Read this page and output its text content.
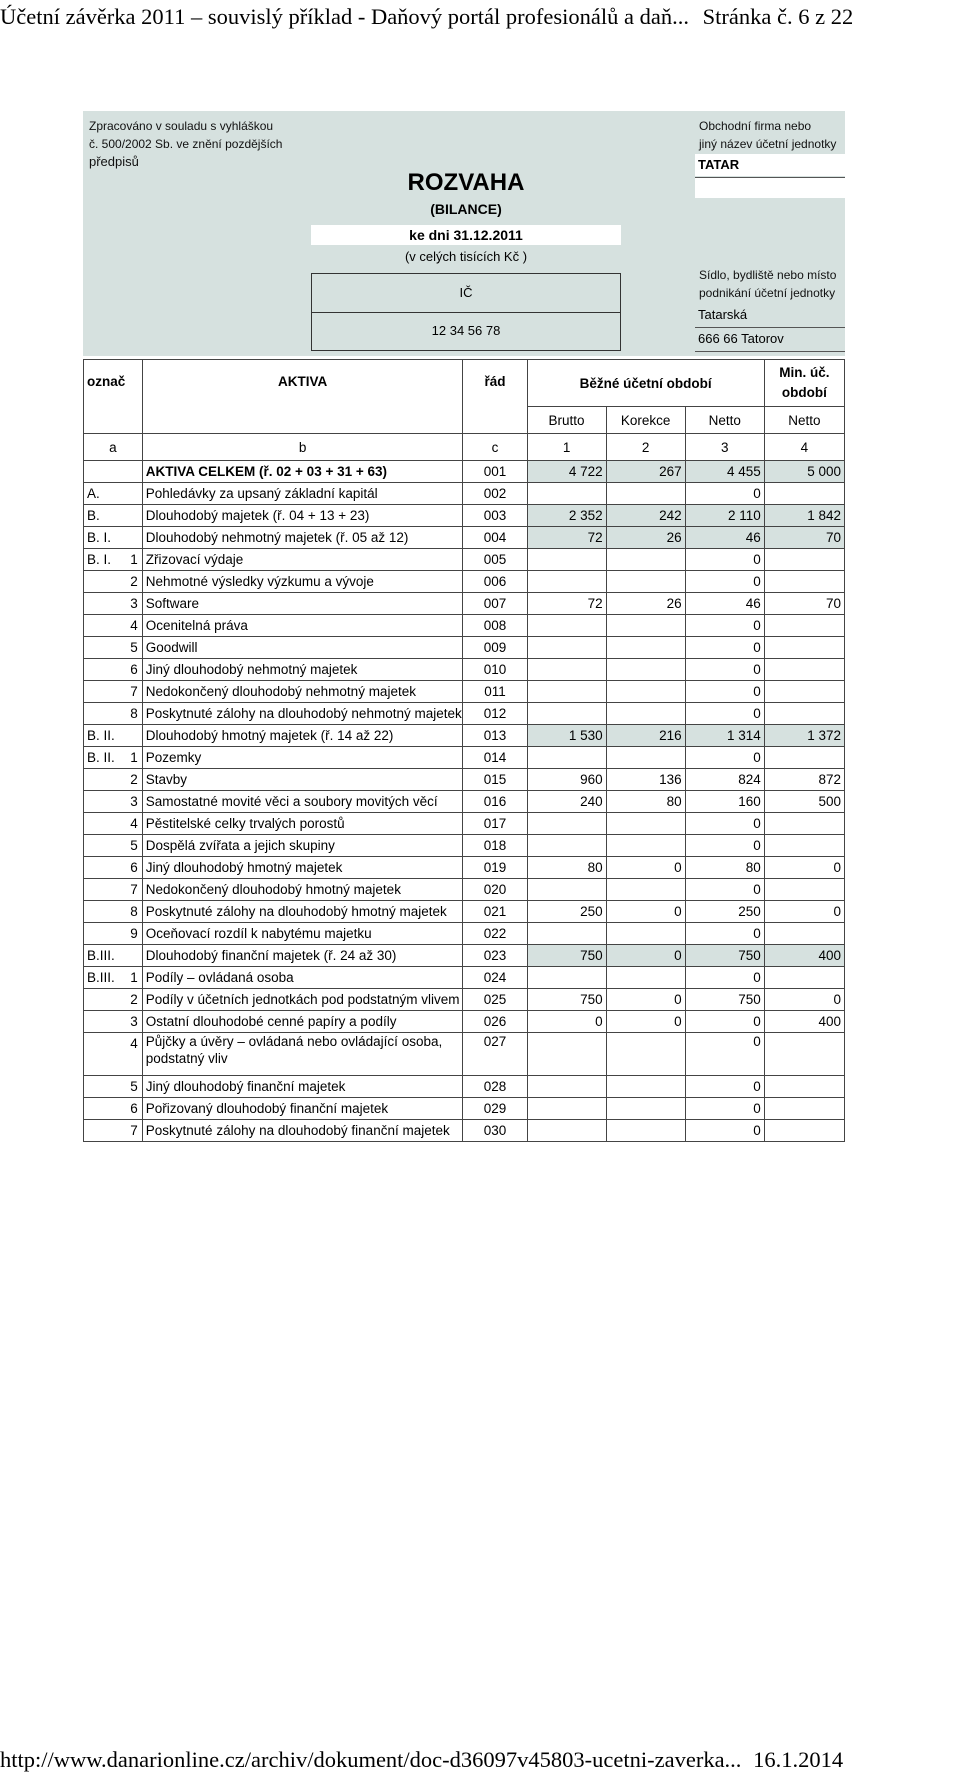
Účetní závěrka 2011 – souvislý příklad - Daňový portál profesionálů a daň... Stránka č. 6 z 22
Zpracováno v souladu s vyhláškou
č. 500/2002 Sb. ve znění pozdějších
předpisů
Obchodní firma nebo
jiný název účetní jednotky
TATAR
Sídlo, bydliště nebo místo
podnikání účetní jednotky
Tatarská
666 66 Tatorov
ROZVAHA
(BILANCE)
ke dni 31.12.2011
(v celých tisících Kč )
IČ
12 34 56 78
označ	AKTIVA	řád	Běžné účetní období			Min. úč. období
			Brutto	Korekce	Netto	Netto
a	b	c	1	2	3	4

	AKTIVA CELKEM (ř. 02 + 03 + 31 + 63)	001	4 722	267	4 455	5 000
A.	Pohledávky za upsaný základní kapitál	002			0	
B.	Dlouhodobý majetek (ř. 04 + 13 + 23)	003	2 352	242	2 110	1 842
B. I.	Dlouhodobý nehmotný majetek (ř. 05 až 12)	004	72	26	46	70
B. I. 1	Zřizovací výdaje	005			0	

2	Nehmotné výsledky výzkumu a vývoje	006			0	

3	Software	007	72	26	46	70

4	Ocenitelná práva	008			0	

5	Goodwill	009			0	

6	Jiný dlouhodobý nehmotný majetek	010			0	

7	Nedokončený dlouhodobý nehmotný majetek	011			0	

8	Poskytnuté zálohy na dlouhodobý nehmotný majetek	012			0	
B. II.	Dlouhodobý hmotný majetek (ř. 14 až 22)	013	1 530	216	1 314	1 372
B. II. 1	Pozemky	014			0	

2	Stavby	015	960	136	824	872

3	Samostatné movité věci a soubory movitých věcí	016	240	80	160	500

4	Pěstitelské celky trvalých porostů	017			0	

5	Dospělá zvířata a jejich skupiny	018			0	

6	Jiný dlouhodobý hmotný majetek	019	80	0	80	0

7	Nedokončený dlouhodobý hmotný majetek	020			0	

8	Poskytnuté zálohy na dlouhodobý hmotný majetek	021	250	0	250	0

9	Oceňovací rozdíl k nabytému majetku	022			0	
B.III.	Dlouhodobý finanční majetek (ř. 24 až 30)	023	750	0	750	400
B.III. 1	Podíly – ovládaná osoba	024			0	

2	Podíly v účetních jednotkách pod podstatným vlivem	025	750	0	750	0

3	Ostatní dlouhodobé cenné papíry a podíly	026	0	0	0	400

4	Půjčky a úvěry – ovládaná nebo ovládající osoba, podstatný vliv	027			0	

5	Jiný dlouhodobý finanční majetek	028			0	

6	Pořizovaný dlouhodobý finanční majetek	029			0	

7	Poskytnuté zálohy na dlouhodobý finanční majetek	030			0	
http://www.danarionline.cz/archiv/dokument/doc-d36097v45803-ucetni-zaverka... 16.1.2014
